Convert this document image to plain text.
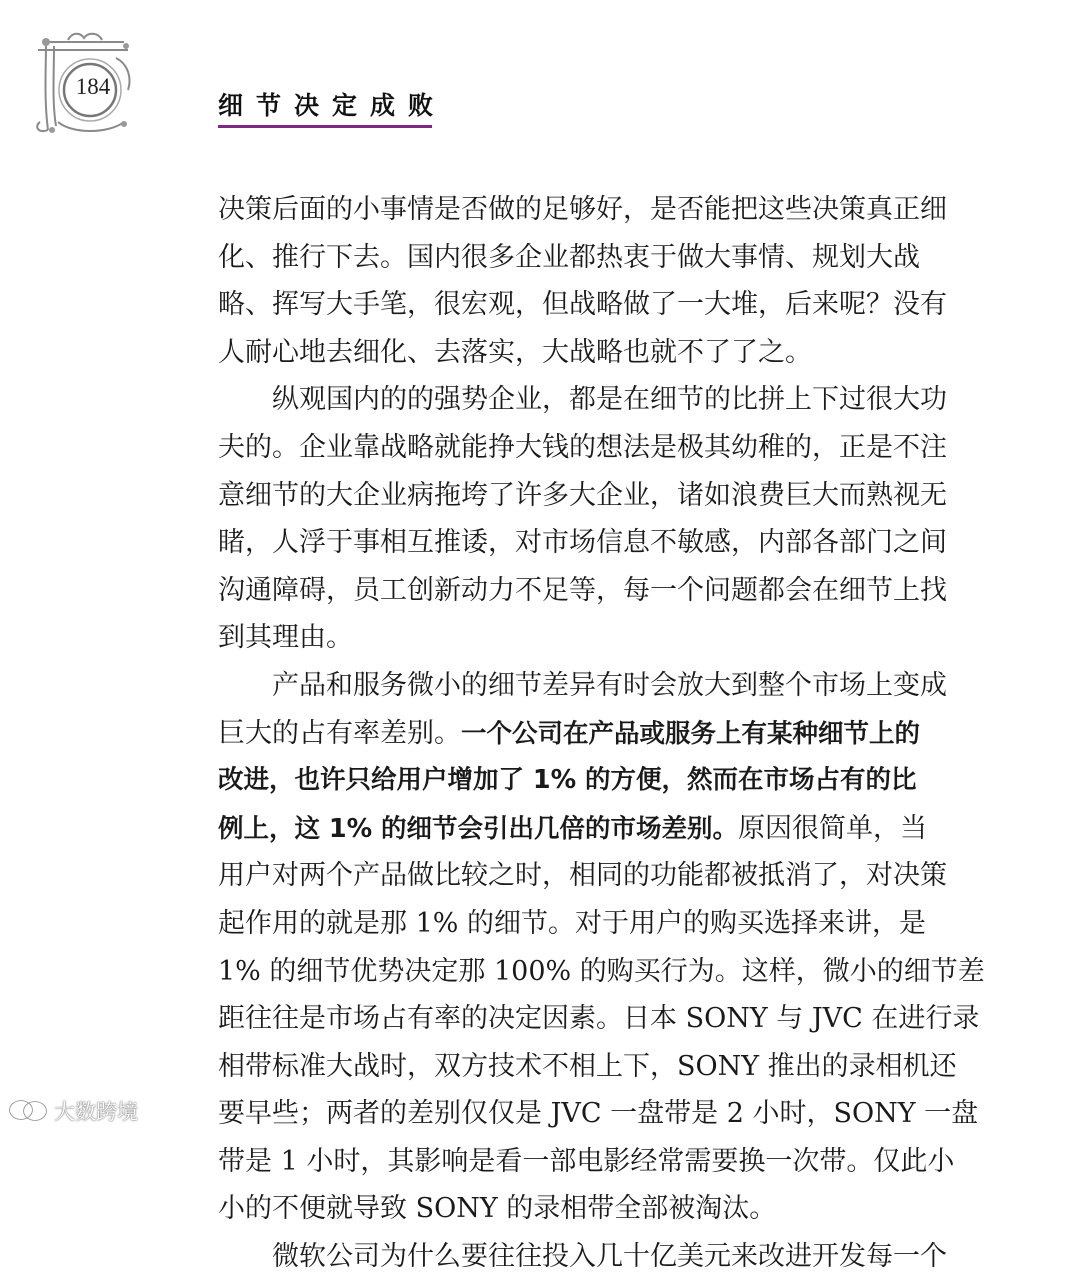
184
细节决定成败
决策后面的小事情是否做的足够好，是否能把这些决策真正细
化、推行下去。国内很多企业都热衷于做大事情、规划大战
略、挥写大手笔，很宏观，但战略做了一大堆，后来呢？没有
人耐心地去细化、去落实，大战略也就不了了之。
纵观国内的的强势企业，都是在细节的比拼上下过很大功
夫的。企业靠战略就能挣大钱的想法是极其幼稚的，正是不注
意细节的大企业病拖垮了许多大企业，诸如浪费巨大而熟视无
睹，人浮于事相互推诿，对市场信息不敏感，内部各部门之间
沟通障碍，员工创新动力不足等，每一个问题都会在细节上找
到其理由。
产品和服务微小的细节差异有时会放大到整个市场上变成
巨大的占有率差别。一个公司在产品或服务上有某种细节上的
改进，也许只给用户增加了 1% 的方便，然而在市场占有的比
例上，这 1% 的细节会引出几倍的市场差别。原因很简单，当
用户对两个产品做比较之时，相同的功能都被抵消了，对决策
起作用的就是那 1% 的细节。对于用户的购买选择来讲，是
1% 的细节优势决定那 100% 的购买行为。这样，微小的细节差
距往往是市场占有率的决定因素。日本 SONY 与 JVC 在进行录
相带标准大战时，双方技术不相上下，SONY 推出的录相机还
要早些；两者的差别仅仅是 JVC 一盘带是 2 小时，SONY 一盘
带是 1 小时，其影响是看一部电影经常需要换一次带。仅此小
小的不便就导致 SONY 的录相带全部被淘汰。
微软公司为什么要往往投入几十亿美元来改进开发每一个
大数跨境
